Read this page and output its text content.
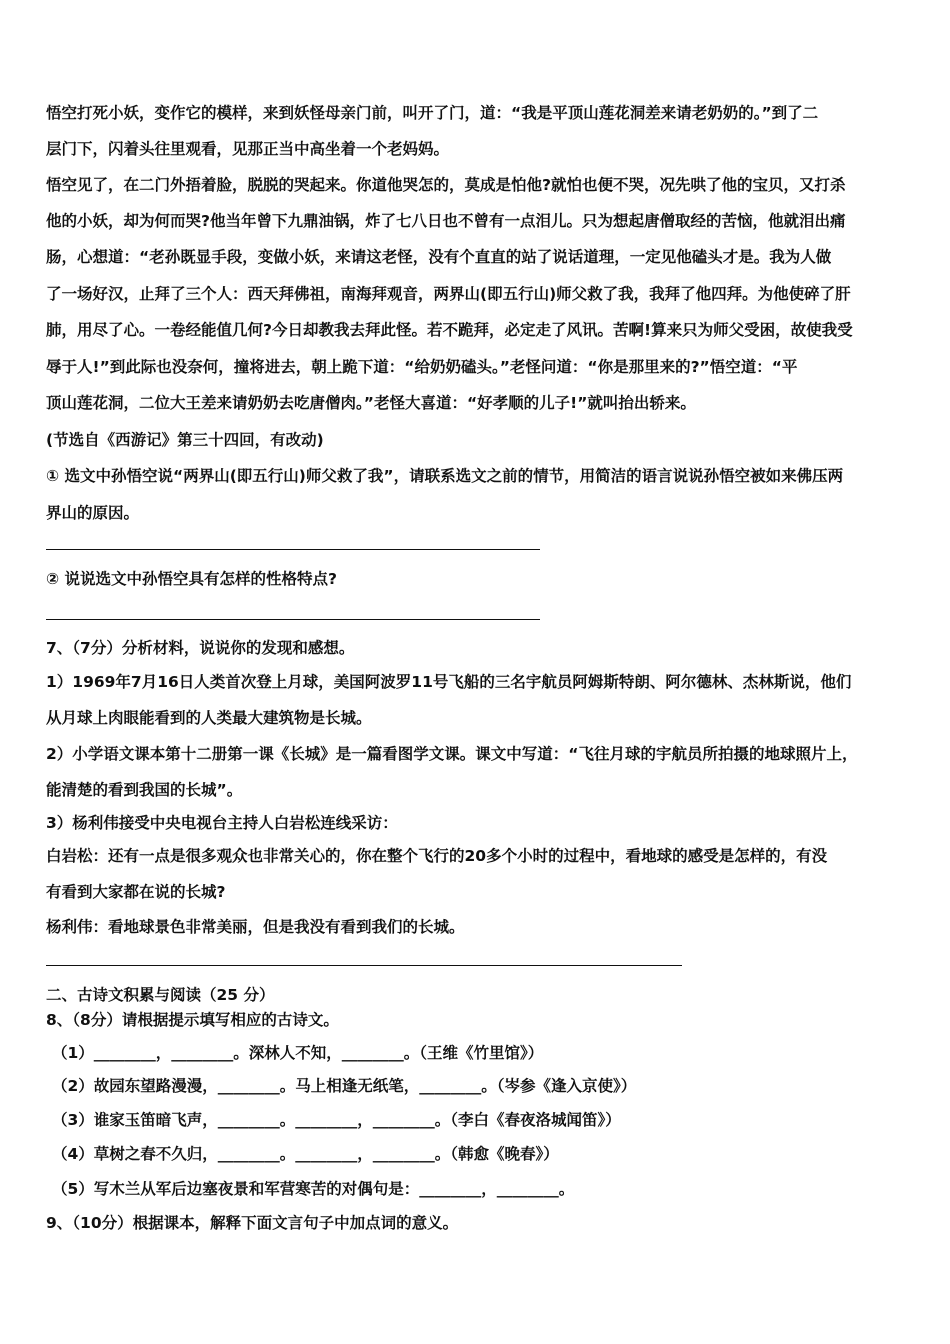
悟空打死小妖，变作它的模样，来到妖怪母亲门前，叫开了门，道：“我是平顶山莲花洞差来请老奶奶的。”到了二
层门下，闪着头往里观看，见那正当中高坐着一个老妈妈。
悟空见了，在二门外捂着脸，脱脱的哭起来。你道他哭怎的，莫成是怕他?就怕也便不哭，况先哄了他的宝贝，又打杀
他的小妖，却为何而哭?他当年曾下九鼎油锅，炸了七八日也不曾有一点泪儿。只为想起唐僧取经的苦恼，他就泪出痛
肠，心想道：“老孙既显手段，变做小妖，来请这老怪，没有个直直的站了说话道理，一定见他磕头才是。我为人做
了一场好汉，止拜了三个人：西天拜佛祖，南海拜观音，两界山(即五行山)师父救了我，我拜了他四拜。为他使碎了肝
肺，用尽了心。一卷经能值几何?今日却教我去拜此怪。若不跪拜，必定走了风讯。苦啊!算来只为师父受困，故使我受
辱于人!”到此际也没奈何，撞将进去，朝上跪下道：“给奶奶磕头。”老怪问道：“你是那里来的?”悟空道：“平
顶山莲花洞，二位大王差来请奶奶去吃唐僧肉。”老怪大喜道：“好孝顺的儿子!”就叫抬出轿来。
(节选自《西游记》第三十四回，有改动)
① 选文中孙悟空说“两界山(即五行山)师父救了我”，请联系选文之前的情节，用简洁的语言说说孙悟空被如来佛压两
界山的原因。
② 说说选文中孙悟空具有怎样的性格特点?
7、（7分）分析材料，说说你的发现和感想。
1）1969年7月16日人类首次登上月球，美国阿波罗11号飞船的三名宇航员阿姆斯特朗、阿尔德林、杰林斯说，他们
从月球上肉眼能看到的人类最大建筑物是长城。
2）小学语文课本第十二册第一课《长城》是一篇看图学文课。课文中写道：“飞往月球的宇航员所拍摄的地球照片上，
能清楚的看到我国的长城”。
3）杨利伟接受中央电视台主持人白岩松连线采访：
白岩松：还有一点是很多观众也非常关心的，你在整个飞行的20多个小时的过程中，看地球的感受是怎样的，有没
有看到大家都在说的长城?
杨利伟：看地球景色非常美丽，但是我没有看到我们的长城。
二、古诗文积累与阅读（25 分）
8、（8分）请根据提示填写相应的古诗文。
（1）________，________。深林人不知，________。（王维《竹里馆》）
（2）故园东望路漫漫，________。马上相逢无纸笔，________。（岑参《逢入京使》）
（3）谁家玉笛暗飞声，________。________，________。（李白《春夜洛城闻笛》）
（4）草树之春不久归，________。________，________。（韩愈《晚春》）
（5）写木兰从军后边塞夜景和军营寒苦的对偶句是：________，________。
9、（10分）根据课本，解释下面文言句子中加点词的意义。
